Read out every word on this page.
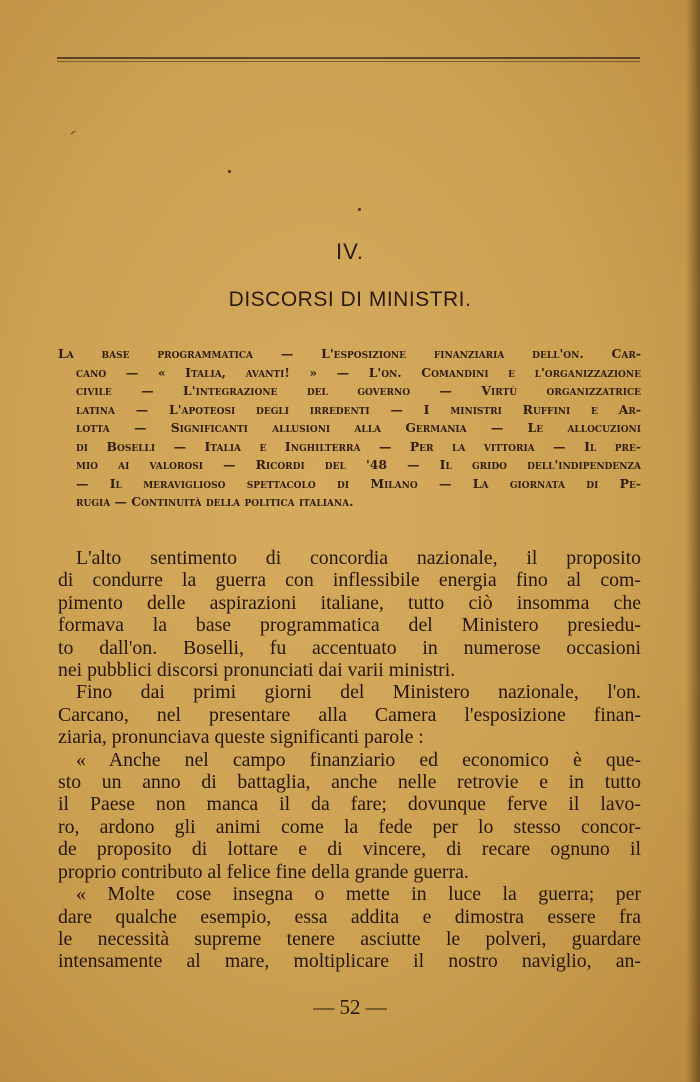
IV.
DISCORSI DI MINISTRI.
La base programmatica — L'esposizione finanziaria dell'on. Car-
cano — « Italia, avanti! » — L'on. Comandini e l'organizzazione
civile — L'integrazione del governo — Virtù organizzatrice
latina — L'apoteosi degli irredenti — I ministri Ruffini e Ar-
lotta — Significanti allusioni alla Germania — Le allocuzioni
di Boselli — Italia e Inghilterra — Per la vittoria — Il pre-
mio ai valorosi — Ricordi del '48 — Il grido dell'indipendenza
— Il meraviglioso spettacolo di Milano — La giornata di Pe-
rugia — Continuità della politica italiana.
L'alto sentimento di concordia nazionale, il proposito
di condurre la guerra con inflessibile energia fino al com-
pimento delle aspirazioni italiane, tutto ciò insomma che
formava la base programmatica del Ministero presiedu-
to dall'on. Boselli, fu accentuato in numerose occasioni
nei pubblici discorsi pronunciati dai varii ministri.
Fino dai primi giorni del Ministero nazionale, l'on.
Carcano, nel presentare alla Camera l'esposizione finan-
ziaria, pronunciava queste significanti parole :
« Anche nel campo finanziario ed economico è que-
sto un anno di battaglia, anche nelle retrovie e in tutto
il Paese non manca il da fare; dovunque ferve il lavo-
ro, ardono gli animi come la fede per lo stesso concor-
de proposito di lottare e di vincere, di recare ognuno il
proprio contributo al felice fine della grande guerra.
« Molte cose insegna o mette in luce la guerra; per
dare qualche esempio, essa addita e dimostra essere fra
le necessità supreme tenere asciutte le polveri, guardare
intensamente al mare, moltiplicare il nostro naviglio, an-
— 52 —
